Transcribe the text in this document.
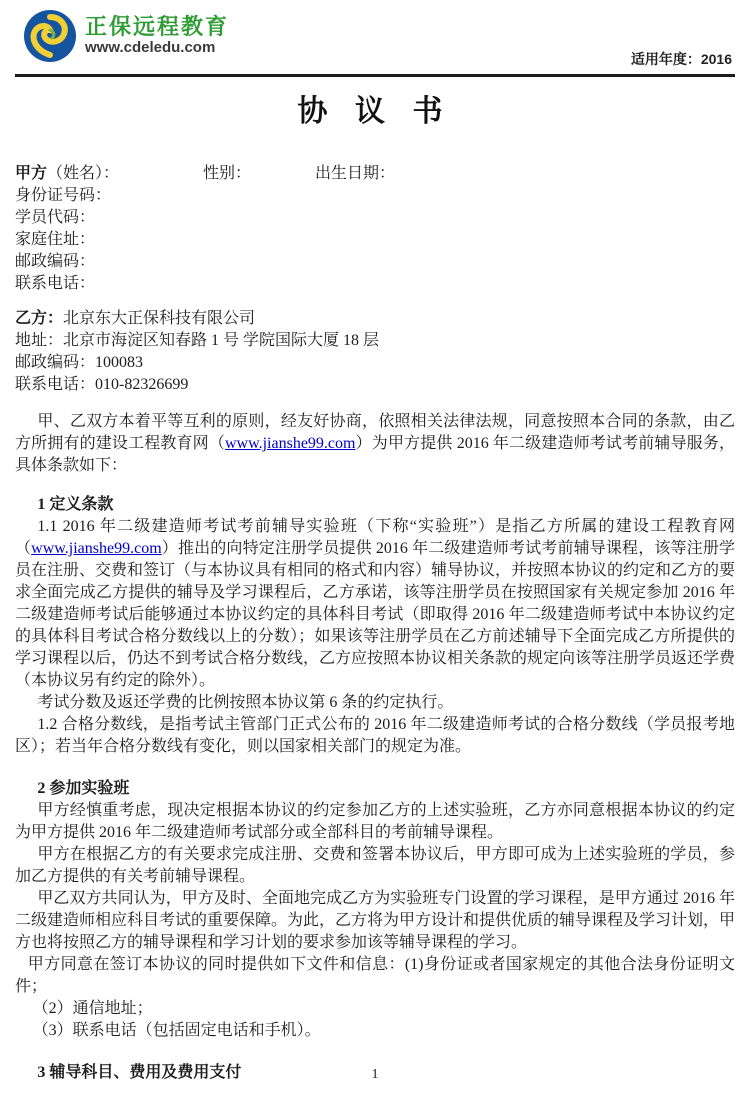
正保远程教育
www.cdeledu.com
适用年度：2016
协 议 书
甲方（姓名）：	性别：	出生日期：
身份证号码：
学员代码：
家庭住址：
邮政编码：
联系电话：
乙方：北京东大正保科技有限公司
地址：北京市海淀区知春路 1 号 学院国际大厦 18 层
邮政编码：100083
联系电话：010-82326699

甲、乙双方本着平等互利的原则，经友好协商，依照相关法律法规，同意按照本合同的条款，由乙方所拥有的建设工程教育网（www.jianshe99.com）为甲方提供 2016 年二级建造师考试考前辅导服务，具体条款如下：

1 定义条款

1.1 2016 年二级建造师考试考前辅导实验班（下称“实验班”）是指乙方所属的建设工程教育网（www.jianshe99.com）推出的向特定注册学员提供 2016 年二级建造师考试考前辅导课程，该等注册学员在注册、交费和签订（与本协议具有相同的格式和内容）辅导协议，并按照本协议的约定和乙方的要求全面完成乙方提供的辅导及学习课程后，乙方承诺，该等注册学员在按照国家有关规定参加 2016 年二级建造师考试后能够通过本协议约定的具体科目考试（即取得 2016 年二级建造师考试中本协议约定的具体科目考试合格分数线以上的分数）；如果该等注册学员在乙方前述辅导下全面完成乙方所提供的学习课程以后，仍达不到考试合格分数线，乙方应按照本协议相关条款的规定向该等注册学员返还学费（本协议另有约定的除外）。

考试分数及返还学费的比例按照本协议第 6 条的约定执行。

1.2 合格分数线，是指考试主管部门正式公布的 2016 年二级建造师考试的合格分数线（学员报考地区）；若当年合格分数线有变化，则以国家相关部门的规定为准。

2 参加实验班

甲方经慎重考虑，现决定根据本协议的约定参加乙方的上述实验班，乙方亦同意根据本协议的约定为甲方提供 2016 年二级建造师考试部分或全部科目的考前辅导课程。

甲方在根据乙方的有关要求完成注册、交费和签署本协议后，甲方即可成为上述实验班的学员，参加乙方提供的有关考前辅导课程。

甲乙双方共同认为，甲方及时、全面地完成乙方为实验班专门设置的学习课程，是甲方通过 2016 年二级建造师相应科目考试的重要保障。为此，乙方将为甲方设计和提供优质的辅导课程及学习计划，甲方也将按照乙方的辅导课程和学习计划的要求参加该等辅导课程的学习。

甲方同意在签订本协议的同时提供如下文件和信息：(1)身份证或者国家规定的其他合法身份证明文件；

（2）通信地址；

（3）联系电话（包括固定电话和手机）。

3 辅导科目、费用及费用支付	1
